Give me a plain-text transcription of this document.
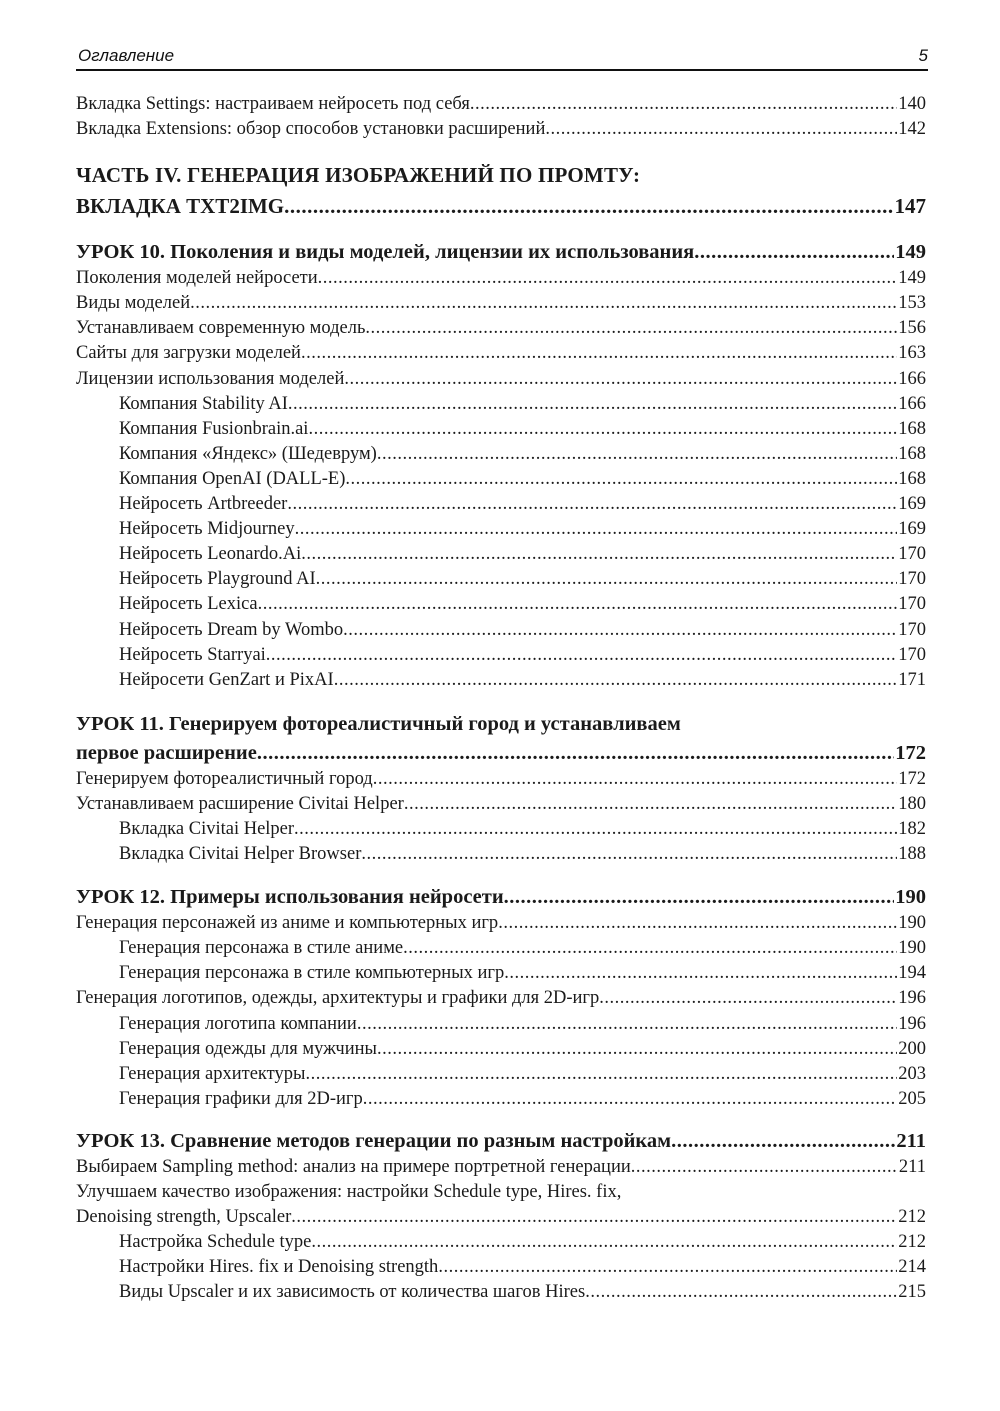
Оглавление	5
Вкладка Settings: настраиваем нейросеть под себя .....	140
Вкладка Extensions: обзор способов установки расширений .....	142
ЧАСТЬ IV. ГЕНЕРАЦИЯ ИЗОБРАЖЕНИЙ ПО ПРОМТУ:
ВКЛАДКА TXT2IMG .....	147
УРОК 10. Поколения и виды моделей, лицензии их использования .....	149
Поколения моделей нейросети .....	149
Виды моделей .....	153
Устанавливаем современную модель .....	156
Сайты для загрузки моделей .....	163
Лицензии использования моделей .....	166
Компания Stability AI .....	166
Компания Fusionbrain.ai .....	168
Компания «Яндекс» (Шедеврум) .....	168
Компания OpenAI (DALL-E) .....	168
Нейросеть Artbreeder .....	169
Нейросеть Midjourney .....	169
Нейросеть Leonardo.Ai .....	170
Нейросеть Playground AI .....	170
Нейросеть Lexica .....	170
Нейросеть Dream by Wombo .....	170
Нейросеть Starryai .....	170
Нейросети GenZart и PixAI .....	171
УРОК 11. Генерируем фотореалистичный город и устанавливаем
первое расширение .....	172
Генерируем фотореалистичный город .....	172
Устанавливаем расширение Civitai Helper .....	180
Вкладка Civitai Helper .....	182
Вкладка Civitai Helper Browser .....	188
УРОК 12. Примеры использования нейросети .....	190
Генерация персонажей из аниме и компьютерных игр .....	190
Генерация персонажа в стиле аниме .....	190
Генерация персонажа в стиле компьютерных игр .....	194
Генерация логотипов, одежды, архитектуры и графики для 2D-игр .....	196
Генерация логотипа компании .....	196
Генерация одежды для мужчины .....	200
Генерация архитектуры .....	203
Генерация графики для 2D-игр .....	205
УРОК 13. Сравнение методов генерации по разным настройкам .....	211
Выбираем Sampling method: анализ на примере портретной генерации .....	211
Улучшаем качество изображения: настройки Schedule type, Hires. fix,
Denoising strength, Upscaler .....	212
Настройка Schedule type .....	212
Настройки Hires. fix и Denoising strength .....	214
Виды Upscaler и их зависимость от количества шагов Hires .....	215
